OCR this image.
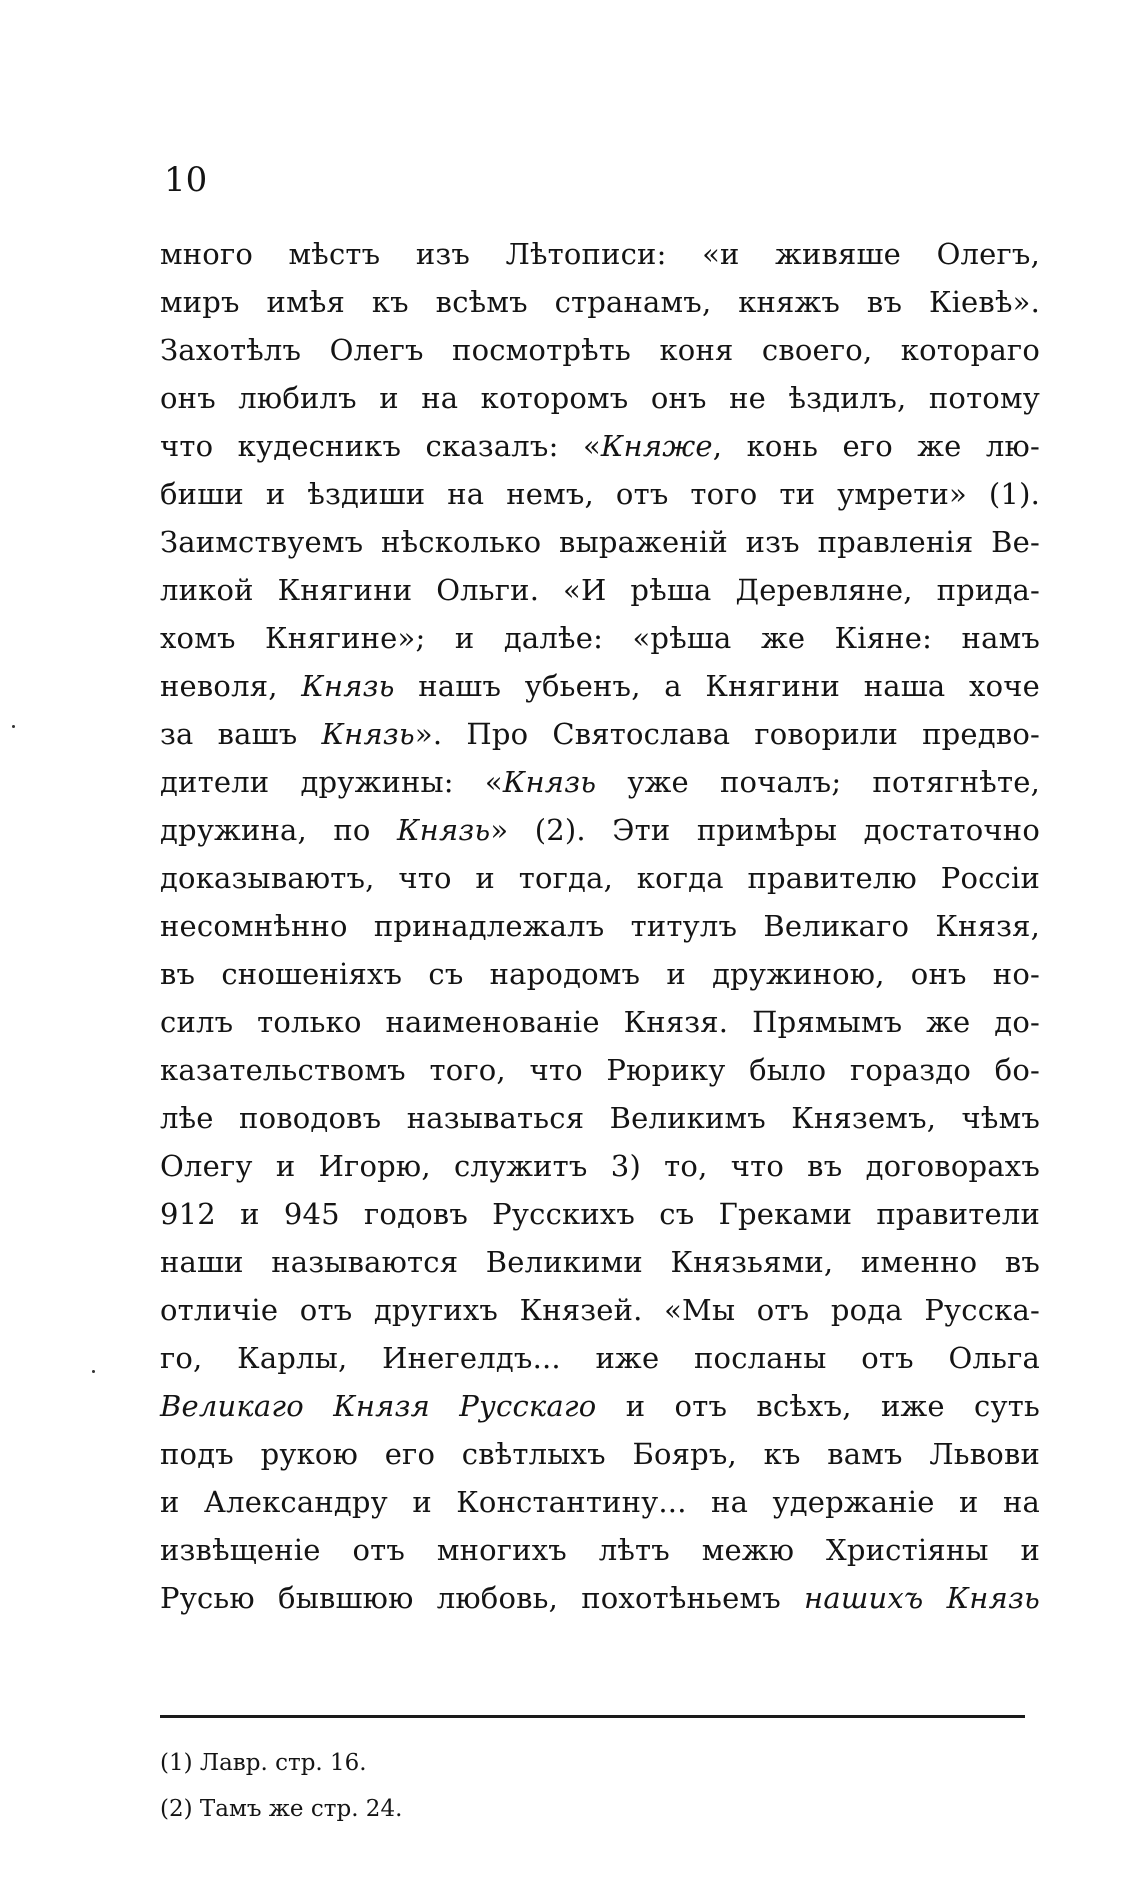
10
много мѣстъ изъ Лѣтописи: «и живяше Олегъ,
миръ имѣя къ всѣмъ странамъ, княжъ въ Кіевѣ».
Захотѣлъ Олегъ посмотрѣть коня своего, котораго
онъ любилъ и на которомъ онъ не ѣздилъ, потому
что кудесникъ сказалъ: «Княже, конь его же лю-
биши и ѣздиши на немъ, отъ того ти умрети» (1).
Заимствуемъ нѣсколько выраженій изъ правленія Ве-
ликой Княгини Ольги. «И рѣша Деревляне, прида-
хомъ Княгине»; и далѣе: «рѣша же Кіяне: намъ
неволя, Князь нашъ убьенъ, а Княгини наша хоче
за вашъ Князь». Про Святослава говорили предво-
дители дружины: «Князь уже почалъ; потягнѣте,
дружина, по Князь» (2). Эти примѣры достаточно
доказываютъ, что и тогда, когда правителю Россіи
несомнѣнно принадлежалъ титулъ Великаго Князя,
въ сношеніяхъ съ народомъ и дружиною, онъ но-
силъ только наименованіе Князя. Прямымъ же до-
казательствомъ того, что Рюрику было гораздо бо-
лѣе поводовъ называться Великимъ Княземъ, чѣмъ
Олегу и Игорю, служитъ 3) то, что въ договорахъ
912 и 945 годовъ Русскихъ съ Греками правители
наши называются Великими Князьями, именно въ
отличіе отъ другихъ Князей. «Мы отъ рода Русска-
го, Карлы, Инегелдъ... иже посланы отъ Ольга
Великаго Князя Русскаго и отъ всѣхъ, иже суть
подъ рукою его свѣтлыхъ Бояръ, къ вамъ Львови
и Александру и Константину... на удержаніе и на
извѣщеніе отъ многихъ лѣтъ межю Христіяны и
Русью бывшюю любовь, похотѣньемъ нашихъ Князь
(1) Лавр. стр. 16.
(2) Тамъ же стр. 24.
